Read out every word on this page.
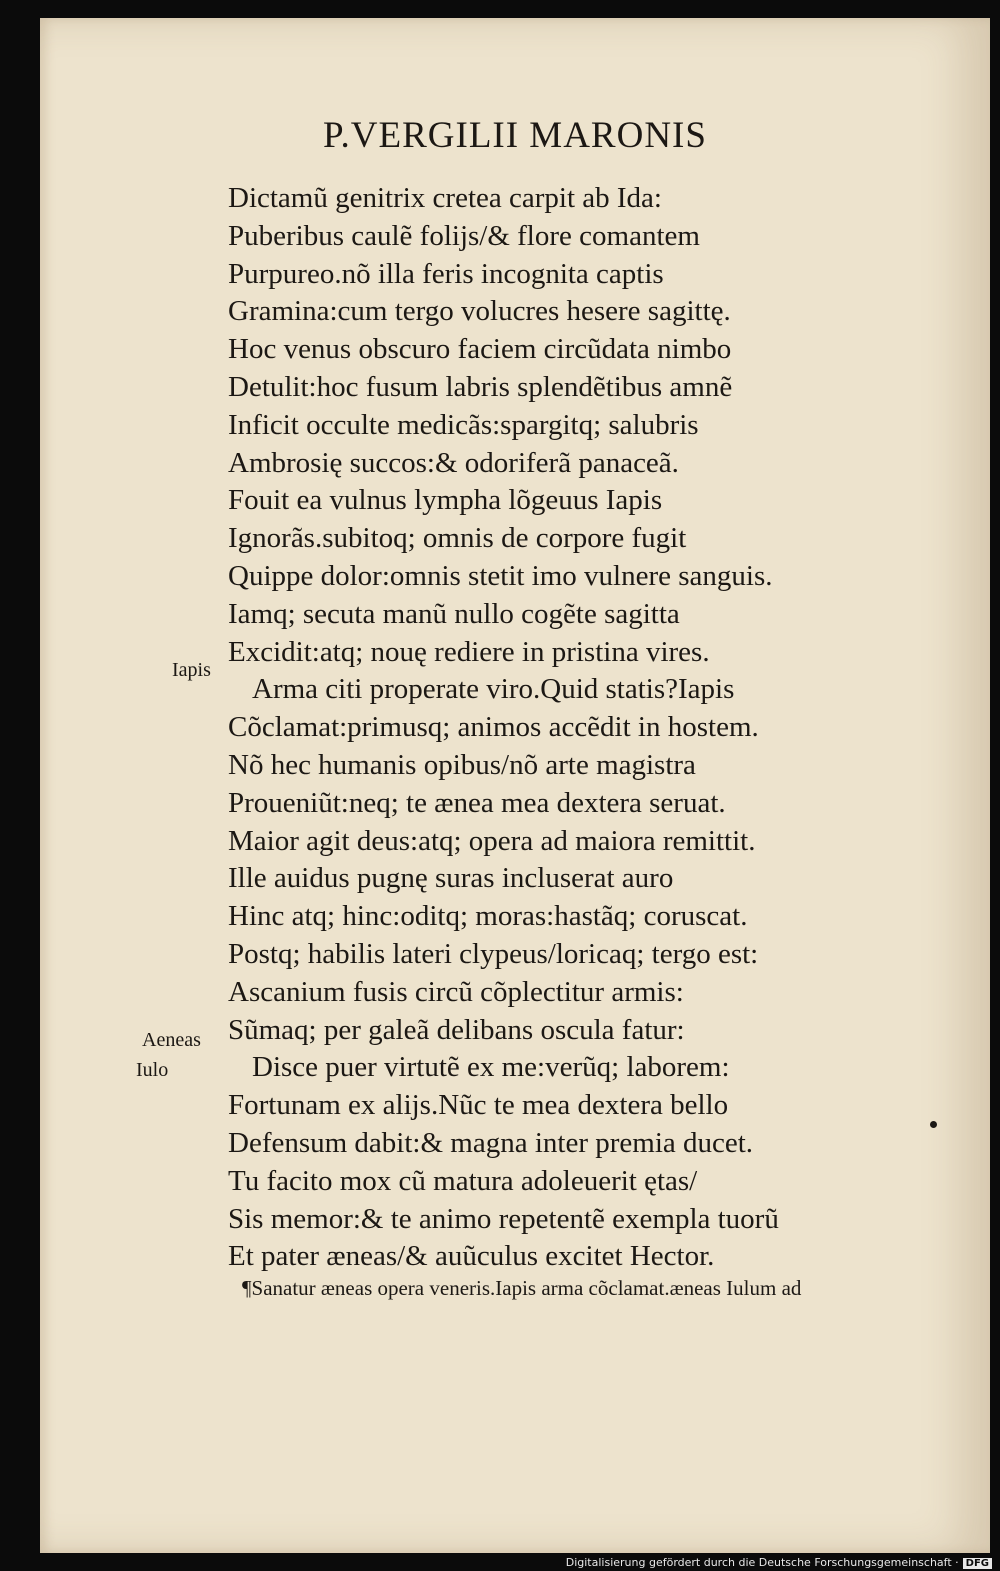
P.VERGILII MARONIS
Dictamũ genitrix cretea carpit ab Ida:
Puberibus caulẽ folijs/& flore comantem
Purpureo.nõ illa feris incognita captis
Gramina:cum tergo volucres hesere sagittę.
Hoc venus obscuro faciem circũdata nimbo
Detulit:hoc fusum labris splendẽtibus amnẽ
Inficit occulte medicãs:spargitq; salubris
Ambrosię succos:& odoriferã panaceã.
Fouit ea vulnus lympha lõgeuus Iapis
Ignorãs.subitoq; omnis de corpore fugit
Quippe dolor:omnis stetit imo vulnere sanguis.
Iamq; secuta manũ nullo cogẽte sagitta
Excidit:atq; nouę rediere in pristina vires.
Arma citi properate viro.Quid statis?Iapis
Cõclamat:primusq; animos accẽdit in hostem.
Nõ hec humanis opibus/nõ arte magistra
Proueniũt:neq; te ænea mea dextera seruat.
Maior agit deus:atq; opera ad maiora remittit.
Ille auidus pugnę suras incluserat auro
Hinc atq; hinc:oditq; moras:hastãq; coruscat.
Postq; habilis lateri clypeus/loricaq; tergo est:
Ascanium fusis circũ cõplectitur armis:
Sũmaq; per galeã delibans oscula fatur:
Disce puer virtutẽ ex me:verũq; laborem:
Fortunam ex alijs.Nũc te mea dextera bello
Defensum dabit:& magna inter premia ducet.
Tu facito mox cũ matura adoleuerit ętas/
Sis memor:& te animo repetentẽ exempla tuorũ
Et pater æneas/& auũculus excitet Hector.
Iapis
Aeneas
Iulo
¶Sanatur æneas opera veneris.Iapis arma cõclamat.æneas Iulum ad
Digitalisierung gefördert durch die Deutsche Forschungsgemeinschaft · DFG
